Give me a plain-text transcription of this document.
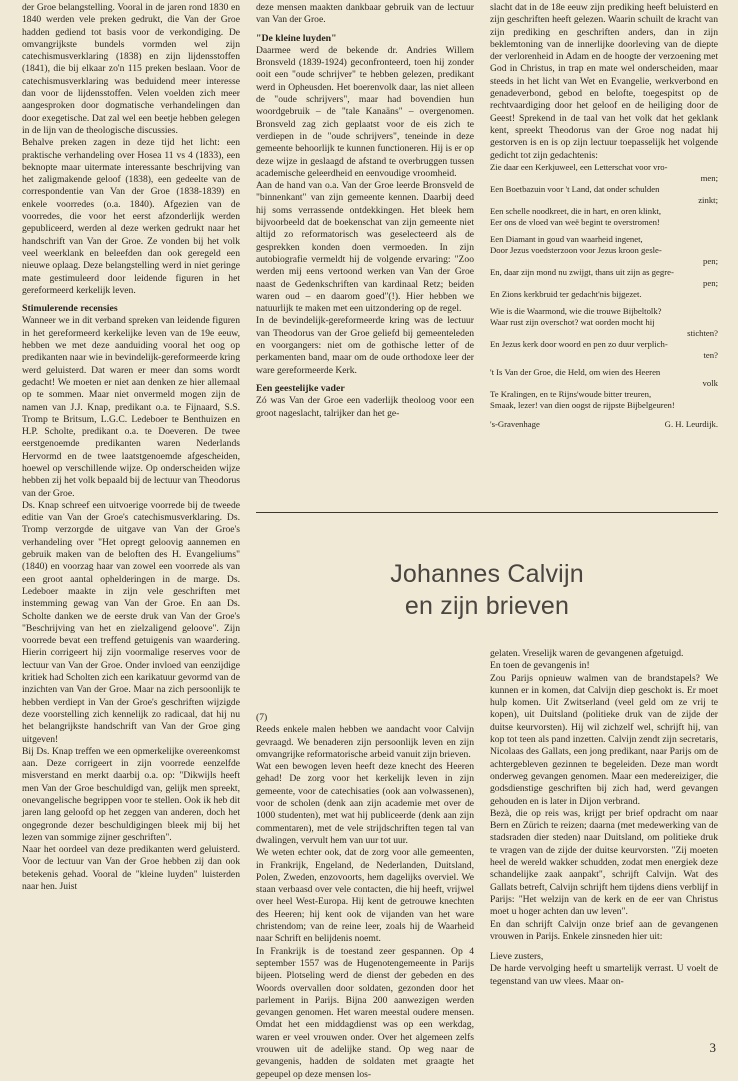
der Groe belangstelling. Vooral in de jaren rond 1830 en 1840 werden vele preken gedrukt, die Van der Groe hadden gediend tot basis voor de verkondiging. De omvangrijkste bundels vormden wel zijn catechismusverklaring (1838) en zijn lijdensstoffen (1841), die bij elkaar zo'n 115 preken beslaan. Voor de catechismusverklaring was beduidend meer interesse dan voor de lijdensstoffen. Velen voelden zich meer aangesproken door dogmatische verhandelingen dan door exegetische. Dat zal wel een beetje hebben gelegen in de lijn van de theologische discussies.

Behalve preken zagen in deze tijd het licht: een praktische verhandeling over Hosea 11 vs 4 (1833), een beknopte maar uitermate interessante beschrijving van het zaligmakende geloof (1838), een gedeelte van de correspondentie van Van der Groe (1838-1839) en enkele voorredes (o.a. 1840). Afgezien van de voorredes, die voor het eerst afzonderlijk werden gepubliceerd, werden al deze werken gedrukt naar het handschrift van Van der Groe. Ze vonden bij het volk veel weerklank en beleefden dan ook geregeld een nieuwe oplaag. Deze belangstelling werd in niet geringe mate gestimuleerd door leidende figuren in het gereformeerd kerkelijk leven.

Stimulerende recensies

Wanneer we in dit verband spreken van leidende figuren in het gereformeerd kerkelijke leven van de 19e eeuw, hebben we met deze aanduiding vooral het oog op predikanten naar wie in bevindelijk-gereformeerde kring werd geluisterd. Dat waren er meer dan soms wordt gedacht! We moeten er niet aan denken ze hier allemaal op te sommen. Maar niet onvermeld mogen zijn de namen van J.J. Knap, predikant o.a. te Fijnaard, S.S. Tromp te Britsum, L.G.C. Ledeboer te Benthuizen en H.P. Scholte, predikant o.a. te Doeveren. De twee eerstgenoemde predikanten waren Nederlands Hervormd en de twee laatstgenoemde afgescheiden, hoewel op verschillende wijze. Op onderscheiden wijze hebben zij het volk bepaald bij de lectuur van Theodorus van der Groe.

Ds. Knap schreef een uitvoerige voorrede bij de tweede editie van Van der Groe's catechismusverklaring. Ds. Tromp verzorgde de uitgave van Van der Groe's verhandeling over "Het opregt geloovig aannemen en gebruik maken van de beloften des H. Evangeliums" (1840) en voorzag haar van zowel een voorrede als van een groot aantal ophelderingen in de marge. Ds. Ledeboer maakte in zijn vele geschriften met instemming gewag van Van der Groe. En aan Ds. Scholte danken we de eerste druk van Van der Groe's "Beschrijving van het en zielzaligend geloove". Zijn voorrede bevat een treffend getuigenis van waardering. Hierin corrigeert hij zijn voormalige reserves voor de lectuur van Van der Groe. Onder invloed van eenzijdige kritiek had Scholten zich een karikatuur gevormd van de inzichten van Van der Groe. Maar na zich persoonlijk te hebben verdiept in Van der Groe's geschriften wijzigde deze voorstelling zich kennelijk zo radicaal, dat hij nu het belangrijkste handschrift van Van der Groe ging uitgeven!

Bij Ds. Knap treffen we een opmerkelijke overeenkomst aan. Deze corrigeert in zijn voorrede eenzelfde misverstand en merkt daarbij o.a. op: "Dikwijls heeft men Van der Groe beschuldigd van, gelijk men spreekt, onevangelische begrippen voor te stellen. Ook ik heb dit jaren lang geloofd op het zeggen van anderen, doch het ongegronde dezer beschuldigingen bleek mij bij het lezen van sommige zijner geschriften".

Naar het oordeel van deze predikanten werd geluisterd. Voor de lectuur van Van der Groe hebben zij dan ook betekenis gehad. Vooral de "kleine luyden" luisterden naar hen. Juist

deze mensen maakten dankbaar gebruik van de lectuur van Van der Groe.

"De kleine luyden"

Daarmee werd de bekende dr. Andries Willem Bronsveld (1839-1924) geconfronteerd, toen hij zonder ooit een "oude schrijver" te hebben gelezen, predikant werd in Opheusden. Het boerenvolk daar, las niet alleen de "oude schrijvers", maar had bovendien hun woordgebruik – de "tale Kanaäns" – overgenomen. Bronsveld zag zich geplaatst voor de eis zich te verdiepen in de "oude schrijvers", teneinde in deze gemeente behoorlijk te kunnen functioneren. Hij is er op deze wijze in geslaagd de afstand te overbruggen tussen academische geleerdheid en eenvoudige vroomheid.

Aan de hand van o.a. Van der Groe leerde Bronsveld de "binnenkant" van zijn gemeente kennen. Daarbij deed hij soms verrassende ontdekkingen. Het bleek hem bijvoorbeeld dat de boekenschat van zijn gemeente niet altijd zo reformatorisch was geselecteerd als de gesprekken konden doen vermoeden. In zijn autobiografie vermeldt hij de volgende ervaring: "Zoo werden mij eens vertoond werken van Van der Groe naast de Gedenkschriften van kardinaal Retz; beiden waren oud – en daarom goed"(!). Hier hebben we natuurlijk te maken met een uitzondering op de regel.

In de bevindelijk-gereformeerde kring was de lectuur van Theodorus van der Groe geliefd bij gemeenteleden en voorgangers: niet om de gothische letter of de perkamenten band, maar om de oude orthodoxe leer der ware gereformeerde Kerk.

Een geestelijke vader

Zó was Van der Groe een vaderlijk theoloog voor een groot nageslacht, talrijker dan het ge-

slacht dat in de 18e eeuw zijn prediking heeft beluisterd en zijn geschriften heeft gelezen. Waarin schuilt de kracht van zijn prediking en geschriften anders, dan in zijn beklemtoning van de innerlijke doorleving van de diepte der verlorenheid in Adam en de hoogte der verzoening met God in Christus, in trap en mate wel onderscheiden, maar steeds in het licht van Wet en Evangelie, werkverbond en genadeverbond, gebod en belofte, toegespitst op de rechtvaardiging door het geloof en de heiliging door de Geest! Sprekend in de taal van het volk dat het geklank kent, spreekt Theodorus van der Groe nog nadat hij gestorven is en is op zijn lectuur toepasselijk het volgende gedicht tot zijn gedachtenis:

Zie daar een Kerkjuweel, een Letterschat voor vro-
men;
Een Boetbazuin voor 't Land, dat onder schulden
zinkt;
Een schelle noodkreet, die in hart, en oren klinkt,
Eer ons de vloed van weë begint te overstromen!
Een Diamant in goud van waarheid ingenet,
Door Jezus voedsterzoon voor Jezus kroon gesle-
pen;
En, daar zijn mond nu zwijgt, thans uit zijn as gegre-
pen;
En Zions kerkbruid ter gedacht'nis bijgezet.
Wie is die Waarmond, wie die trouwe Bijbeltolk?
Waar rust zijn overschot? wat oorden mocht hij
stichten?
En Jezus kerk door woord en pen zo duur verplich-
ten?
't Is Van der Groe, die Held, om wien des Heeren
volk
Te Kralingen, en te Rijns'woude bitter treuren,
Smaak, lezer! van dien oogst de rijpste Bijbelgeuren!
's-Gravenhage	G. H. Leurdijk.
Johannes Calvijn
en zijn brieven

(7)

Reeds enkele malen hebben we aandacht voor Calvijn gevraagd. We benaderen zijn persoonlijk leven en zijn omvangrijke reformatorische arbeid vanuit zijn brieven.

Wat een bewogen leven heeft deze knecht des Heeren gehad! De zorg voor het kerkelijk leven in zijn gemeente, voor de catechisaties (ook aan volwassenen), voor de scholen (denk aan zijn academie met over de 1000 studenten), met wat hij publiceerde (denk aan zijn commentaren), met de vele strijdschriften tegen tal van dwalingen, vervult hem van uur tot uur.

We weten echter ook, dat de zorg voor alle gemeenten, in Frankrijk, Engeland, de Nederlanden, Duitsland, Polen, Zweden, enzovoorts, hem dagelijks overviel. We staan verbaasd over vele contacten, die hij heeft, vrijwel over heel West-Europa. Hij kent de getrouwe knechten des Heeren; hij kent ook de vijanden van het ware christendom; van de reine leer, zoals hij de Waarheid naar Schrift en belijdenis noemt.

In Frankrijk is de toestand zeer gespannen. Op 4 september 1557 was de Hugenotengemeente in Parijs bijeen. Plotseling werd de dienst der gebeden en des Woords overvallen door soldaten, gezonden door het parlement in Parijs. Bijna 200 aanwezigen werden gevangen genomen. Het waren meestal oudere mensen. Omdat het een middagdienst was op een werkdag, waren er veel vrouwen onder. Over het algemeen zelfs vrouwen uit de adelijke stand. Op weg naar de gevangenis, hadden de soldaten met graagte het gepeupel op deze mensen los-

gelaten. Vreselijk waren de gevangenen afgetuigd.

En toen de gevangenis in!

Zou Parijs opnieuw walmen van de brandstapels? We kunnen er in komen, dat Calvijn diep geschokt is. Er moet hulp komen. Uit Zwitserland (veel geld om ze vrij te kopen), uit Duitsland (politieke druk van de zijde der duitse keurvorsten). Hij wil zichzelf wel, schrijft hij, van kop tot teen als pand inzetten. Calvijn zendt zijn secretaris, Nicolaas des Gallats, een jong predikant, naar Parijs om de achtergebleven gezinnen te begeleiden. Deze man wordt onderweg gevangen genomen. Maar een medereiziger, die godsdienstige geschriften bij zich had, werd gevangen gehouden en is later in Dijon verbrand.

Bezà, die op reis was, krijgt per brief opdracht om naar Bern en Zürich te reizen; daarna (met medewerking van de stadsraden dier steden) naar Duitsland, om politieke druk te vragen van de zijde der duitse keurvorsten. "Zij moeten heel de wereld wakker schudden, zodat men energiek deze schandelijke zaak aanpakt", schrijft Calvijn. Wat des Gallats betreft, Calvijn schrijft hem tijdens diens verblijf in Parijs: "Het welzijn van de kerk en de eer van Christus moet u hoger achten dan uw leven".

En dan schrijft Calvijn onze brief aan de gevangenen vrouwen in Parijs. Enkele zinsneden hier uit:

Lieve zusters,

De harde vervolging heeft u smartelijk verrast. U voelt de tegenstand van uw vlees. Maar on-

3
